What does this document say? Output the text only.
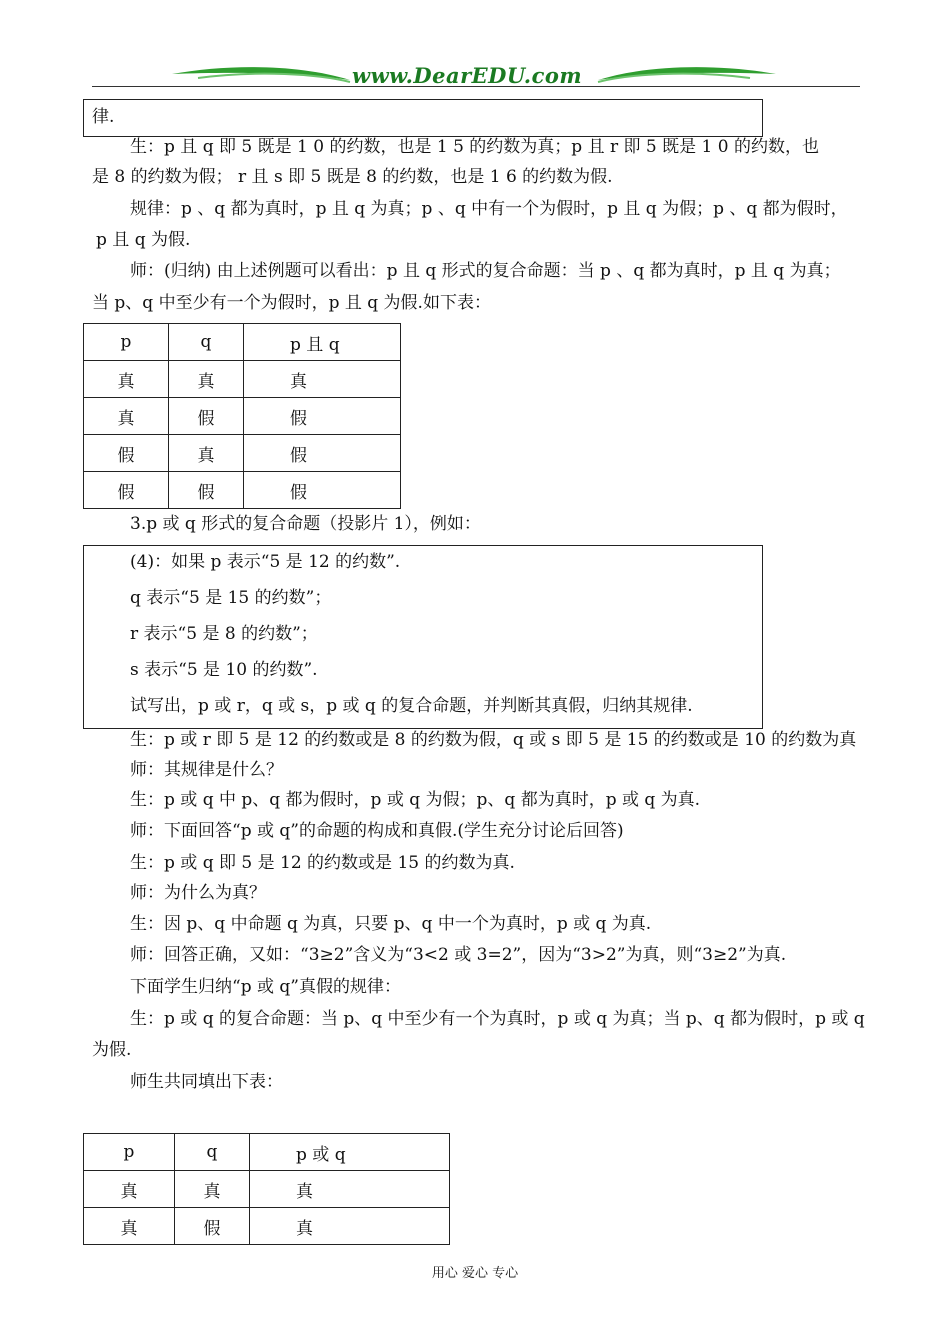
www.DearEDU.com
律.
生：p 且 q 即 5 既是 1 0 的约数，也是 1 5 的约数为真；p 且 r 即 5 既是 1 0 的约数，也
是 8 的约数为假； r 且 s 即 5 既是 8 的约数，也是 1 6 的约数为假.
规律：p 、q 都为真时，p 且 q 为真；p 、q 中有一个为假时，p 且 q 为假；p 、q 都为假时，
p 且 q 为假.
师：(归纳) 由上述例题可以看出：p 且 q 形式的复合命题：当 p 、q 都为真时，p 且 q 为真；
当 p、q 中至少有一个为假时，p 且 q 为假.如下表：
p	q	p 且 q
真	真	真
真	假	假
假	真	假
假	假	假
3.p 或 q 形式的复合命题（投影片 1），例如：
(4)：如果 p 表示“5 是 12 的约数”.
q 表示“5 是 15 的约数”；
r 表示“5 是 8 的约数”；
s 表示“5 是 10 的约数”.
试写出，p 或 r，q 或 s，p 或 q 的复合命题，并判断其真假，归纳其规律.
生：p 或 r 即 5 是 12 的约数或是 8 的约数为假，q 或 s 即 5 是 15 的约数或是 10 的约数为真
师：其规律是什么？
生：p 或 q 中 p、q 都为假时，p 或 q 为假；p、q 都为真时，p 或 q 为真.
师：下面回答“p 或 q”的命题的构成和真假.(学生充分讨论后回答)
生：p 或 q 即 5 是 12 的约数或是 15 的约数为真.
师：为什么为真？
生：因 p、q 中命题 q 为真，只要 p、q 中一个为真时，p 或 q 为真.
师：回答正确，又如：“3≥2”含义为“3<2 或 3=2”，因为“3>2”为真，则“3≥2”为真.
下面学生归纳“p 或 q”真假的规律：
生：p 或 q 的复合命题：当 p、q 中至少有一个为真时，p 或 q 为真；当 p、q 都为假时，p 或 q
为假.
师生共同填出下表：
p	q	p 或 q
真	真	真
真	假	真
用心 爱心 专心
